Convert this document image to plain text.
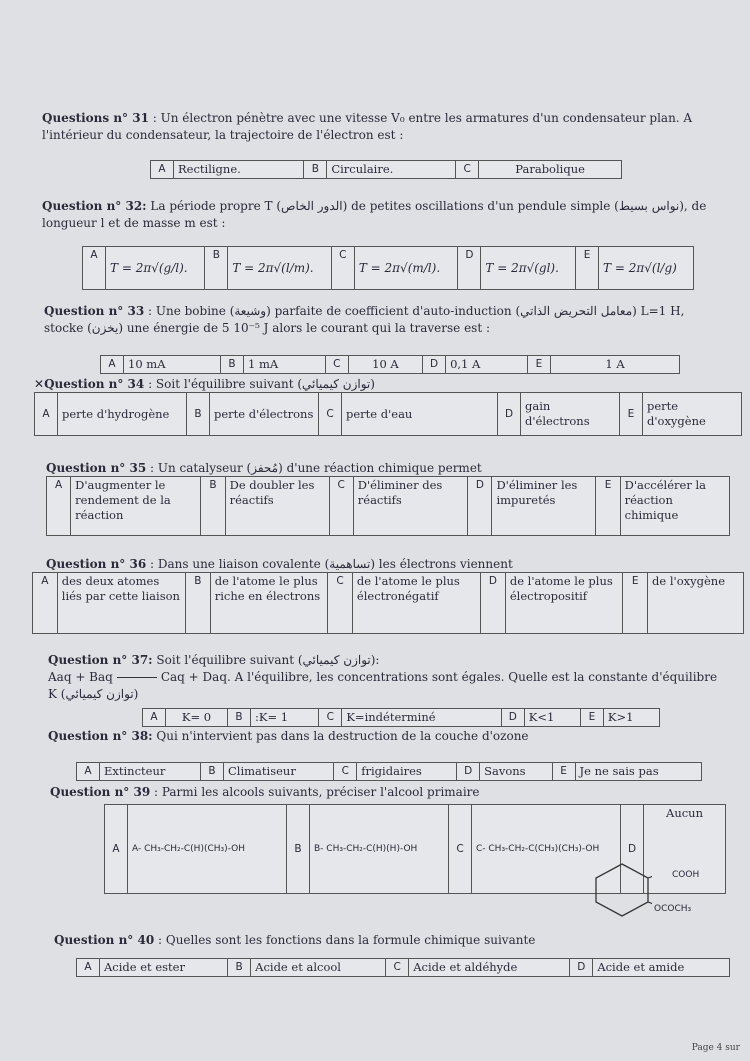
Questions n° 31 : Un électron pénètre avec une vitesse V₀ entre les armatures d'un condensateur plan. A l'intérieur du condensateur, la trajectoire de l'électron est :
A	Rectiligne.	B	Circulaire.	C	Parabolique
Question n° 32: La période propre T (الدور الخاص) de petites oscillations d'un pendule simple (نواس بسيط), de longueur l et de masse m est :
A	T = 2π√(g/l).	B	T = 2π√(l/m).	C	T = 2π√(m/l).	D	T = 2π√(gl).	E	T = 2π√(l/g)
Question n° 33 : Une bobine (وشيعة) parfaite de coefficient d'auto-induction (معامل التحريض الذاتي) L=1 H, stocke (يخزن) une énergie de 5 10⁻⁵ J alors le courant qui la traverse est :
A	10 mA	B	1 mA	C	10 A	D	0,1 A	E	1 A
✕Question n° 34 : Soit l'équilibre suivant (توازن كيميائي)
A	perte d'hydrogène	B	perte d'électrons	C	perte d'eau	D	gain d'électrons	E	perte d'oxygène
Question n° 35 : Un catalyseur (مُحفز) d'une réaction chimique permet
A	D'augmenter le rendement de la réaction	B	De doubler les réactifs	C	D'éliminer des réactifs	D	D'éliminer les impuretés	E	D'accélérer la réaction chimique
Question n° 36 : Dans une liaison covalente (تساهمية) les électrons viennent
A	des deux atomes liés par cette liaison	B	de l'atome le plus riche en électrons	C	de l'atome le plus électronégatif	D	de l'atome le plus électropositif	E	de l'oxygène
Question n° 37: Soit l'équilibre suivant (توازن كيميائي):
Aaq + Baq	Caq + Daq. A l'équilibre, les concentrations sont égales. Quelle est la constante d'équilibre K (توازن كيميائي)
A	K= 0	B	:K= 1	C	K=indéterminé	D	K<1	E	K>1
Question n° 38: Qui n'intervient pas dans la destruction de la couche d'ozone
A	Extincteur	B	Climatiseur	C	frigidaires	D	Savons	E	Je ne sais pas
Question n° 39 : Parmi les alcools suivants, préciser l'alcool primaire
A	A- CH₃-CH₂-C(H)(CH₃)-OH	B	B- CH₃-CH₂-C(H)(H)-OH	C	C- CH₃-CH₂-C(CH₃)(CH₃)-OH	D	Aucun
COOH
OCOCH₃
Question n° 40 : Quelles sont les fonctions dans la formule chimique suivante
A	Acide et ester	B	Acide et alcool	C	Acide et aldéhyde	D	Acide et amide
Page 4 sur
